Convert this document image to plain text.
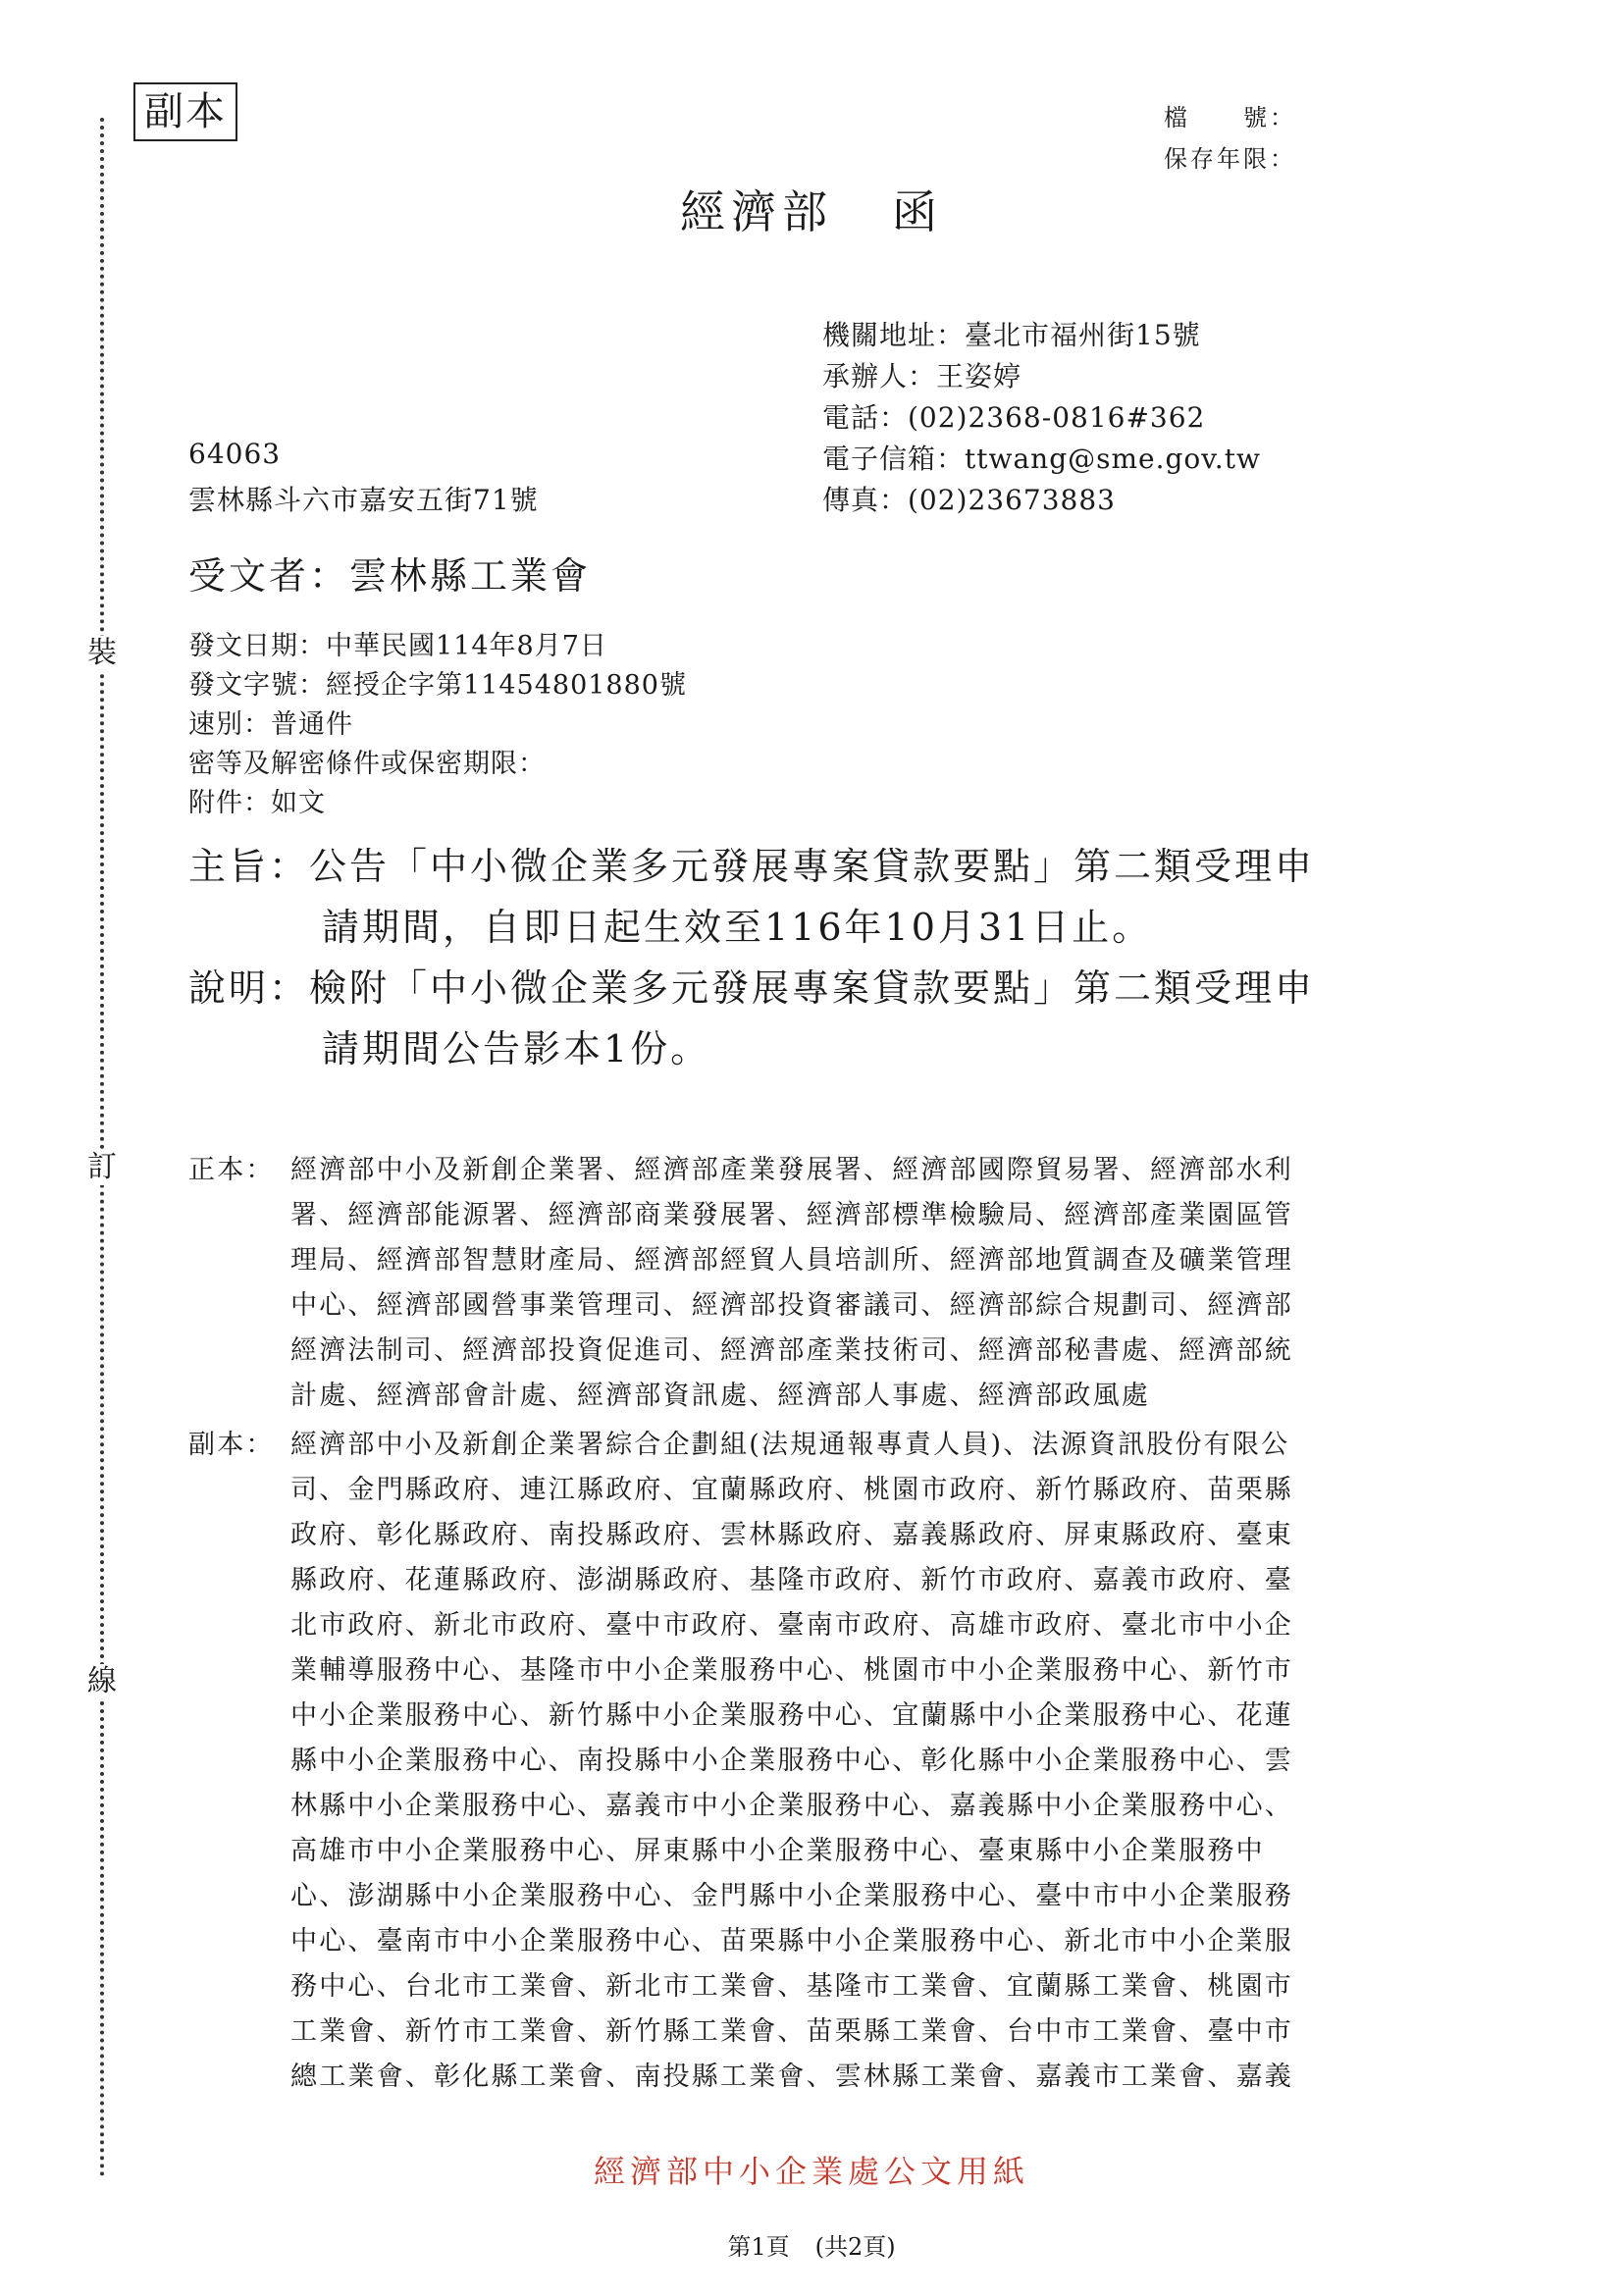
裝
訂
線
副本	檔　　號：
保存年限：
經濟部 函
機關地址：臺北市福州街15號
承辦人：王姿婷
電話：(02)2368-0816#362
電子信箱：ttwang@sme.gov.tw
傳真：(02)23673883
64063
雲林縣斗六市嘉安五街71號
受文者：雲林縣工業會
發文日期：中華民國114年8月7日
發文字號：經授企字第11454801880號
速別：普通件
密等及解密條件或保密期限：
附件：如文
主旨：公告「中小微企業多元發展專案貸款要點」第二類受理申
請期間，自即日起生效至116年10月31日止。
說明：檢附「中小微企業多元發展專案貸款要點」第二類受理申
請期間公告影本1份。
正本： 經濟部中小及新創企業署、經濟部產業發展署、經濟部國際貿易署、經濟部水利
署、經濟部能源署、經濟部商業發展署、經濟部標準檢驗局、經濟部產業園區管
理局、經濟部智慧財產局、經濟部經貿人員培訓所、經濟部地質調查及礦業管理
中心、經濟部國營事業管理司、經濟部投資審議司、經濟部綜合規劃司、經濟部
經濟法制司、經濟部投資促進司、經濟部產業技術司、經濟部秘書處、經濟部統
計處、經濟部會計處、經濟部資訊處、經濟部人事處、經濟部政風處
副本： 經濟部中小及新創企業署綜合企劃組(法規通報專責人員)、法源資訊股份有限公
司、金門縣政府、連江縣政府、宜蘭縣政府、桃園市政府、新竹縣政府、苗栗縣
政府、彰化縣政府、南投縣政府、雲林縣政府、嘉義縣政府、屏東縣政府、臺東
縣政府、花蓮縣政府、澎湖縣政府、基隆市政府、新竹市政府、嘉義市政府、臺
北市政府、新北市政府、臺中市政府、臺南市政府、高雄市政府、臺北市中小企
業輔導服務中心、基隆市中小企業服務中心、桃園市中小企業服務中心、新竹市
中小企業服務中心、新竹縣中小企業服務中心、宜蘭縣中小企業服務中心、花蓮
縣中小企業服務中心、南投縣中小企業服務中心、彰化縣中小企業服務中心、雲
林縣中小企業服務中心、嘉義市中小企業服務中心、嘉義縣中小企業服務中心、
高雄市中小企業服務中心、屏東縣中小企業服務中心、臺東縣中小企業服務中
心、澎湖縣中小企業服務中心、金門縣中小企業服務中心、臺中市中小企業服務
中心、臺南市中小企業服務中心、苗栗縣中小企業服務中心、新北市中小企業服
務中心、台北市工業會、新北市工業會、基隆市工業會、宜蘭縣工業會、桃園市
工業會、新竹市工業會、新竹縣工業會、苗栗縣工業會、台中市工業會、臺中市
總工業會、彰化縣工業會、南投縣工業會、雲林縣工業會、嘉義市工業會、嘉義
經濟部中小企業處公文用紙
第1頁 (共2頁)
